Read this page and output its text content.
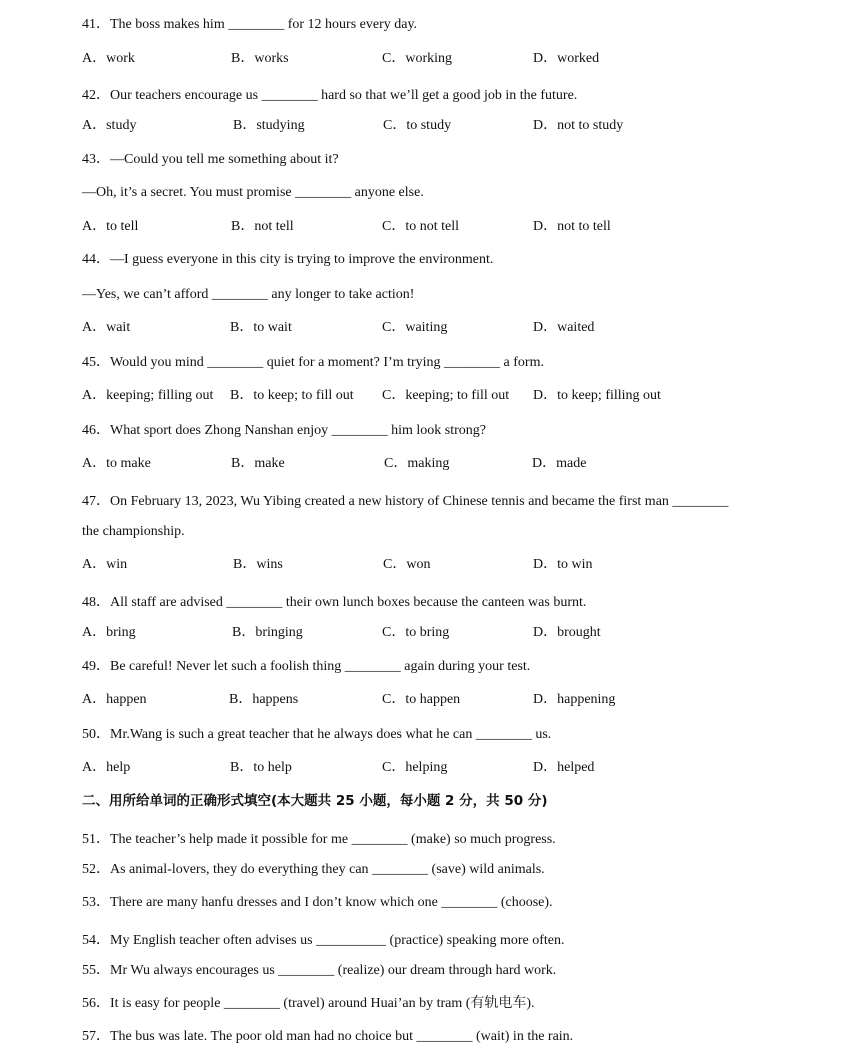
41．The boss makes him ________ for 12 hours every day.
A．work	B．works	C．working	D．worked
42．Our teachers encourage us ________ hard so that we’ll get a good job in the future.
A．study	B．studying	C．to study	D．not to study
43．—Could you tell me something about it?
—Oh, it’s a secret. You must promise ________ anyone else.
A．to tell	B．not tell	C．to not tell	D．not to tell
44．—I guess everyone in this city is trying to improve the environment.
—Yes, we can’t afford ________ any longer to take action!
A．wait	B．to wait	C．waiting	D．waited
45．Would you mind ________ quiet for a moment? I’m trying ________ a form.
A．keeping; filling out B．to keep; to fill out C．keeping; to fill out D．to keep; filling out
46．What sport does Zhong Nanshan enjoy ________ him look strong?
A．to make	B．make	C．making	D．made
47．On February 13, 2023, Wu Yibing created a new history of Chinese tennis and became the first man ________
the championship.
A．win	B．wins	C．won	D．to win
48．All staff are advised ________ their own lunch boxes because the canteen was burnt.
A．bring	B．bringing	C．to bring	D．brought
49．Be careful! Never let such a foolish thing ________ again during your test.
A．happen	B．happens	C．to happen	D．happening
50．Mr.Wang is such a great teacher that he always does what he can ________ us.
A．help	B．to help	C．helping	D．helped
二、用所给单词的正确形式填空(本大题共 25 小题，每小题 2 分，共 50 分)
51．The teacher’s help made it possible for me ________ (make) so much progress.
52．As animal-lovers, they do everything they can ________ (save) wild animals.
53．There are many hanfu dresses and I don’t know which one ________ (choose).
54．My English teacher often advises us __________ (practice) speaking more often.
55．Mr Wu always encourages us ________ (realize) our dream through hard work.
56．It is easy for people ________ (travel) around Huai’an by tram (有轨电车).
57．The bus was late. The poor old man had no choice but ________ (wait) in the rain.
